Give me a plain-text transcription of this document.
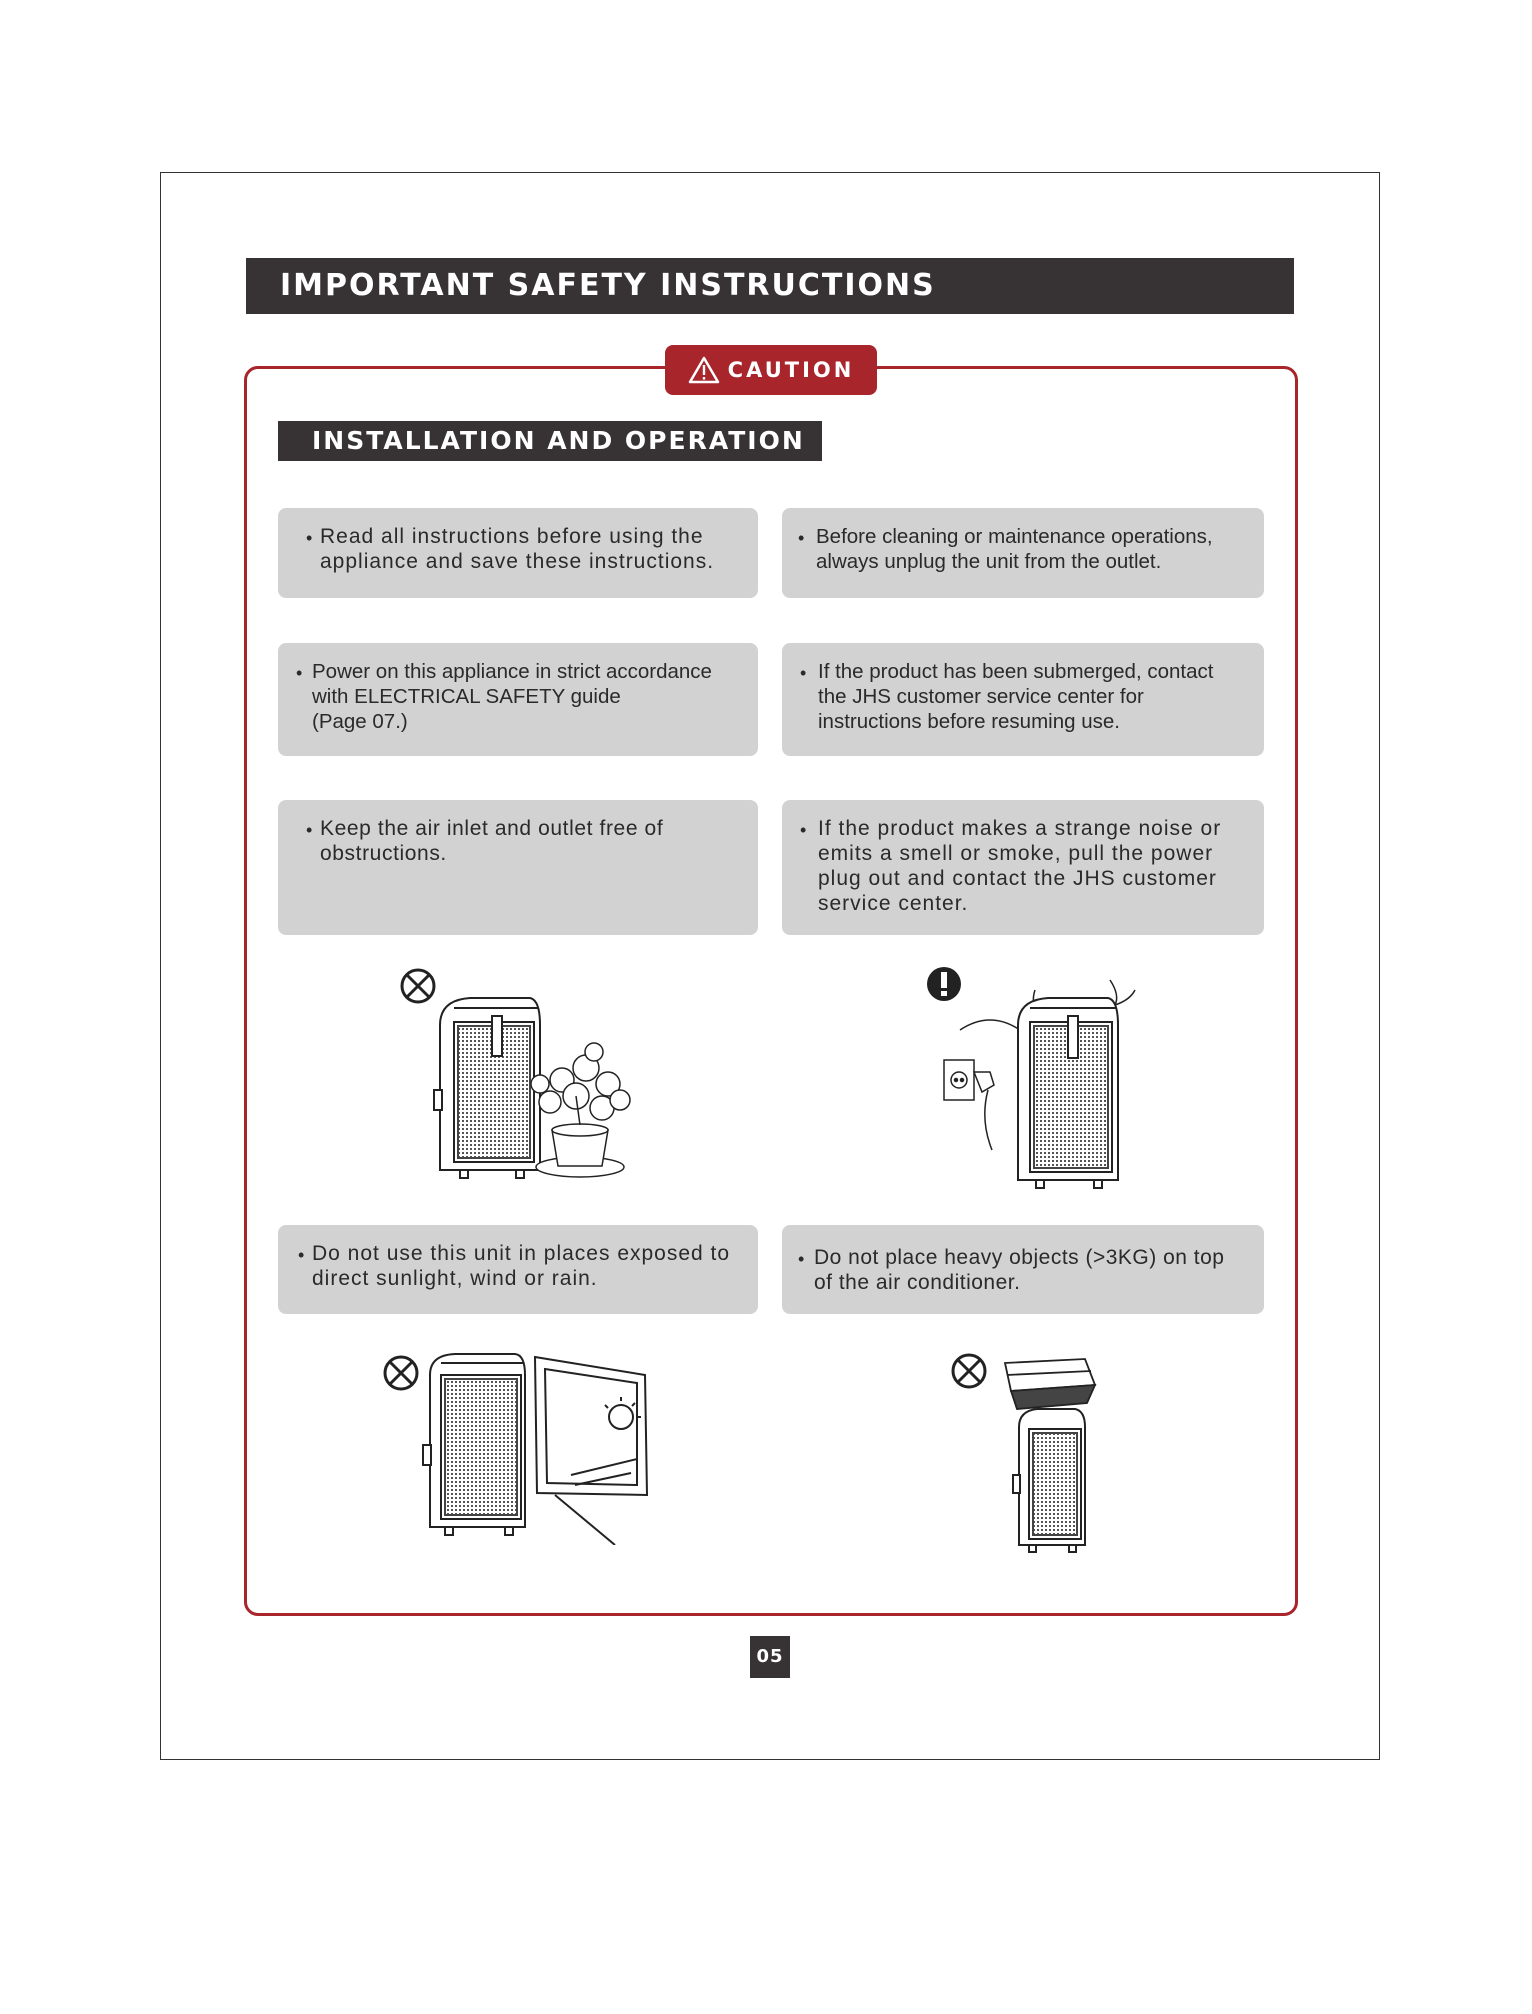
IMPORTANT SAFETY INSTRUCTIONS
CAUTION
INSTALLATION AND OPERATION
• Read all instructions before using the
appliance and save these instructions.
• Before cleaning or maintenance operations,
always unplug the unit from the outlet.
• Power on this appliance in strict accordance
with ELECTRICAL SAFETY guide
(Page 07.)
• If the product has been submerged, contact
the JHS customer service center for
instructions before resuming use.
• Keep the air inlet and outlet free of
obstructions.
• If the product makes a strange noise or
emits a smell or smoke, pull the power
plug out and contact the JHS customer
service center.
• Do not use this unit in places exposed to
direct sunlight, wind or rain.
• Do not place heavy objects (>3KG) on top
of the air conditioner.
05
